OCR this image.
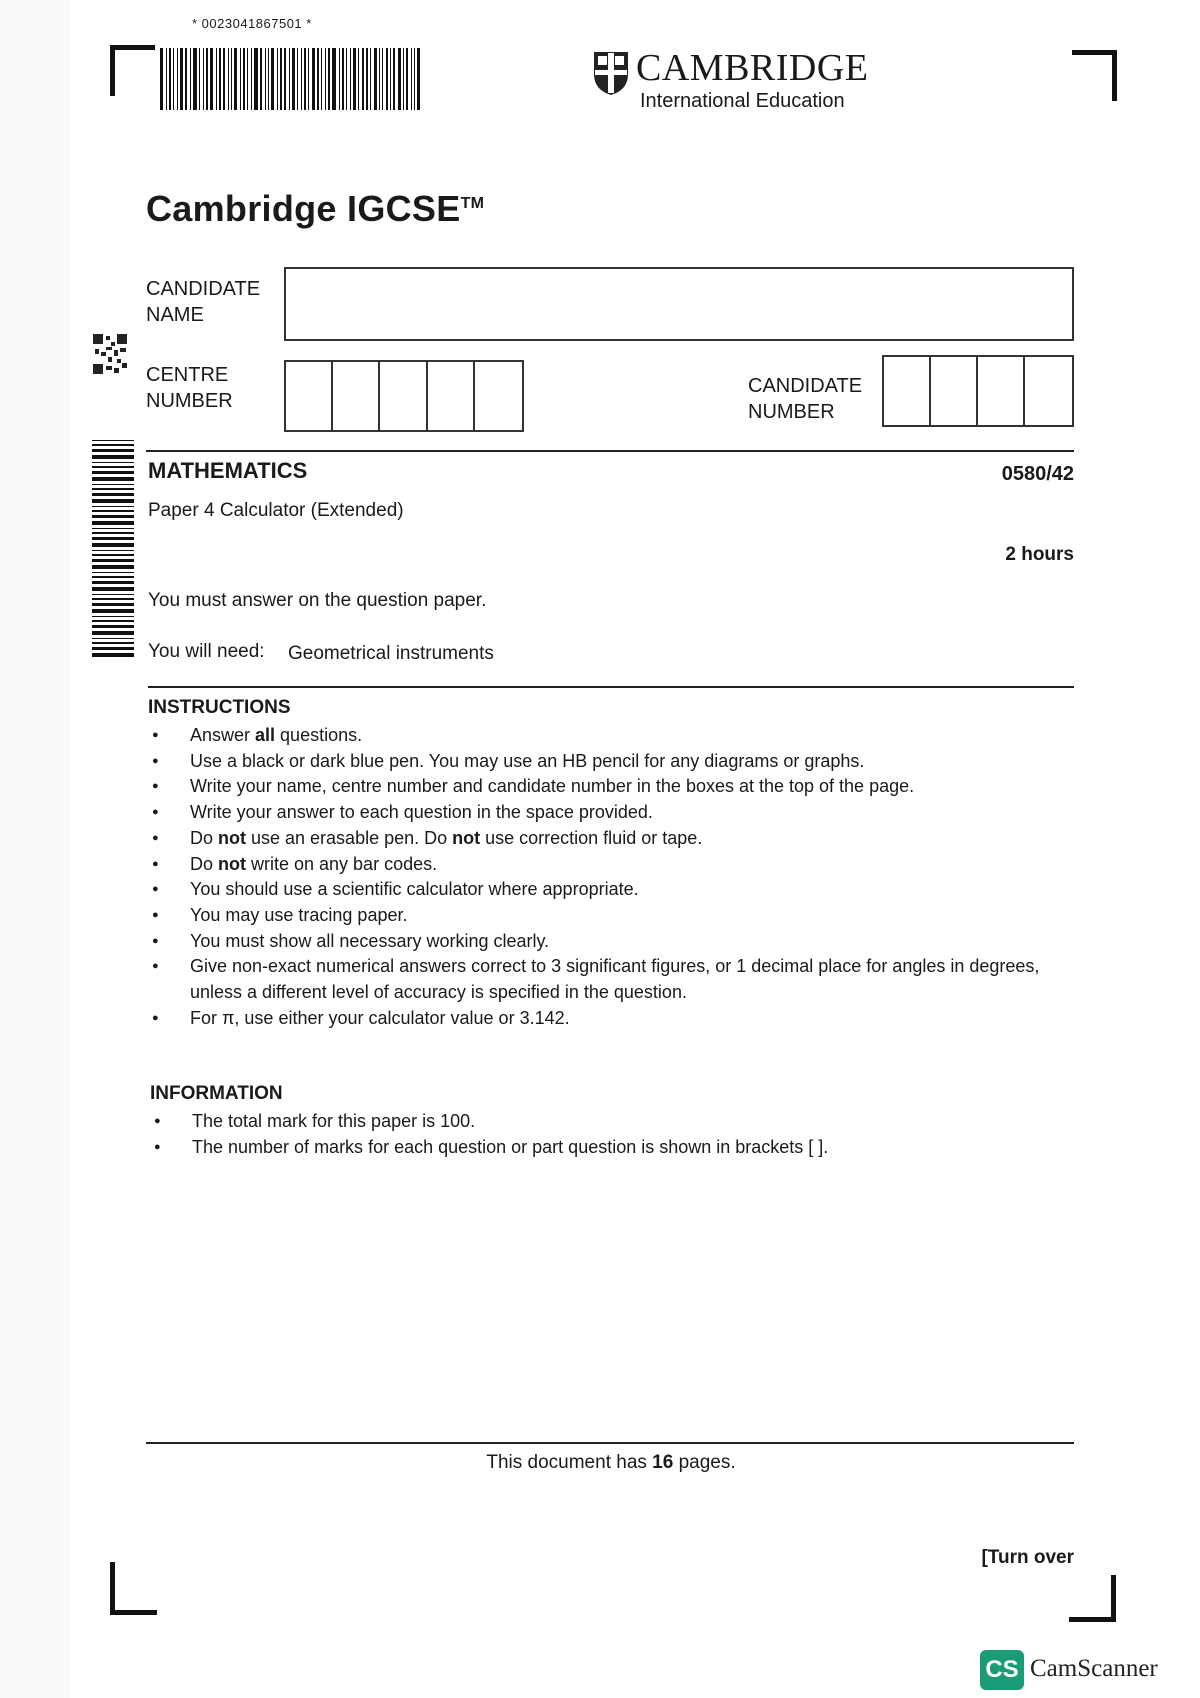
* 0023041867501 *
CAMBRIDGE
International Education
Cambridge IGCSE™
CANDIDATE
NAME
CENTRE
NUMBER
CANDIDATE
NUMBER
MATHEMATICS	0580/42
Paper 4 Calculator (Extended)
2 hours
You must answer on the question paper.
You will need: Geometrical instruments
INSTRUCTIONS
● Answer all questions.
● Use a black or dark blue pen. You may use an HB pencil for any diagrams or graphs.
● Write your name, centre number and candidate number in the boxes at the top of the page.
● Write your answer to each question in the space provided.
● Do not use an erasable pen. Do not use correction fluid or tape.
● Do not write on any bar codes.
● You should use a scientific calculator where appropriate.
● You may use tracing paper.
● You must show all necessary working clearly.
● Give non-exact numerical answers correct to 3 significant figures, or 1 decimal place for angles in degrees, unless a different level of accuracy is specified in the question.
● For π, use either your calculator value or 3.142.
INFORMATION
● The total mark for this paper is 100.
● The number of marks for each question or part question is shown in brackets [ ].
This document has 16 pages.
[Turn over
CS CamScanner
